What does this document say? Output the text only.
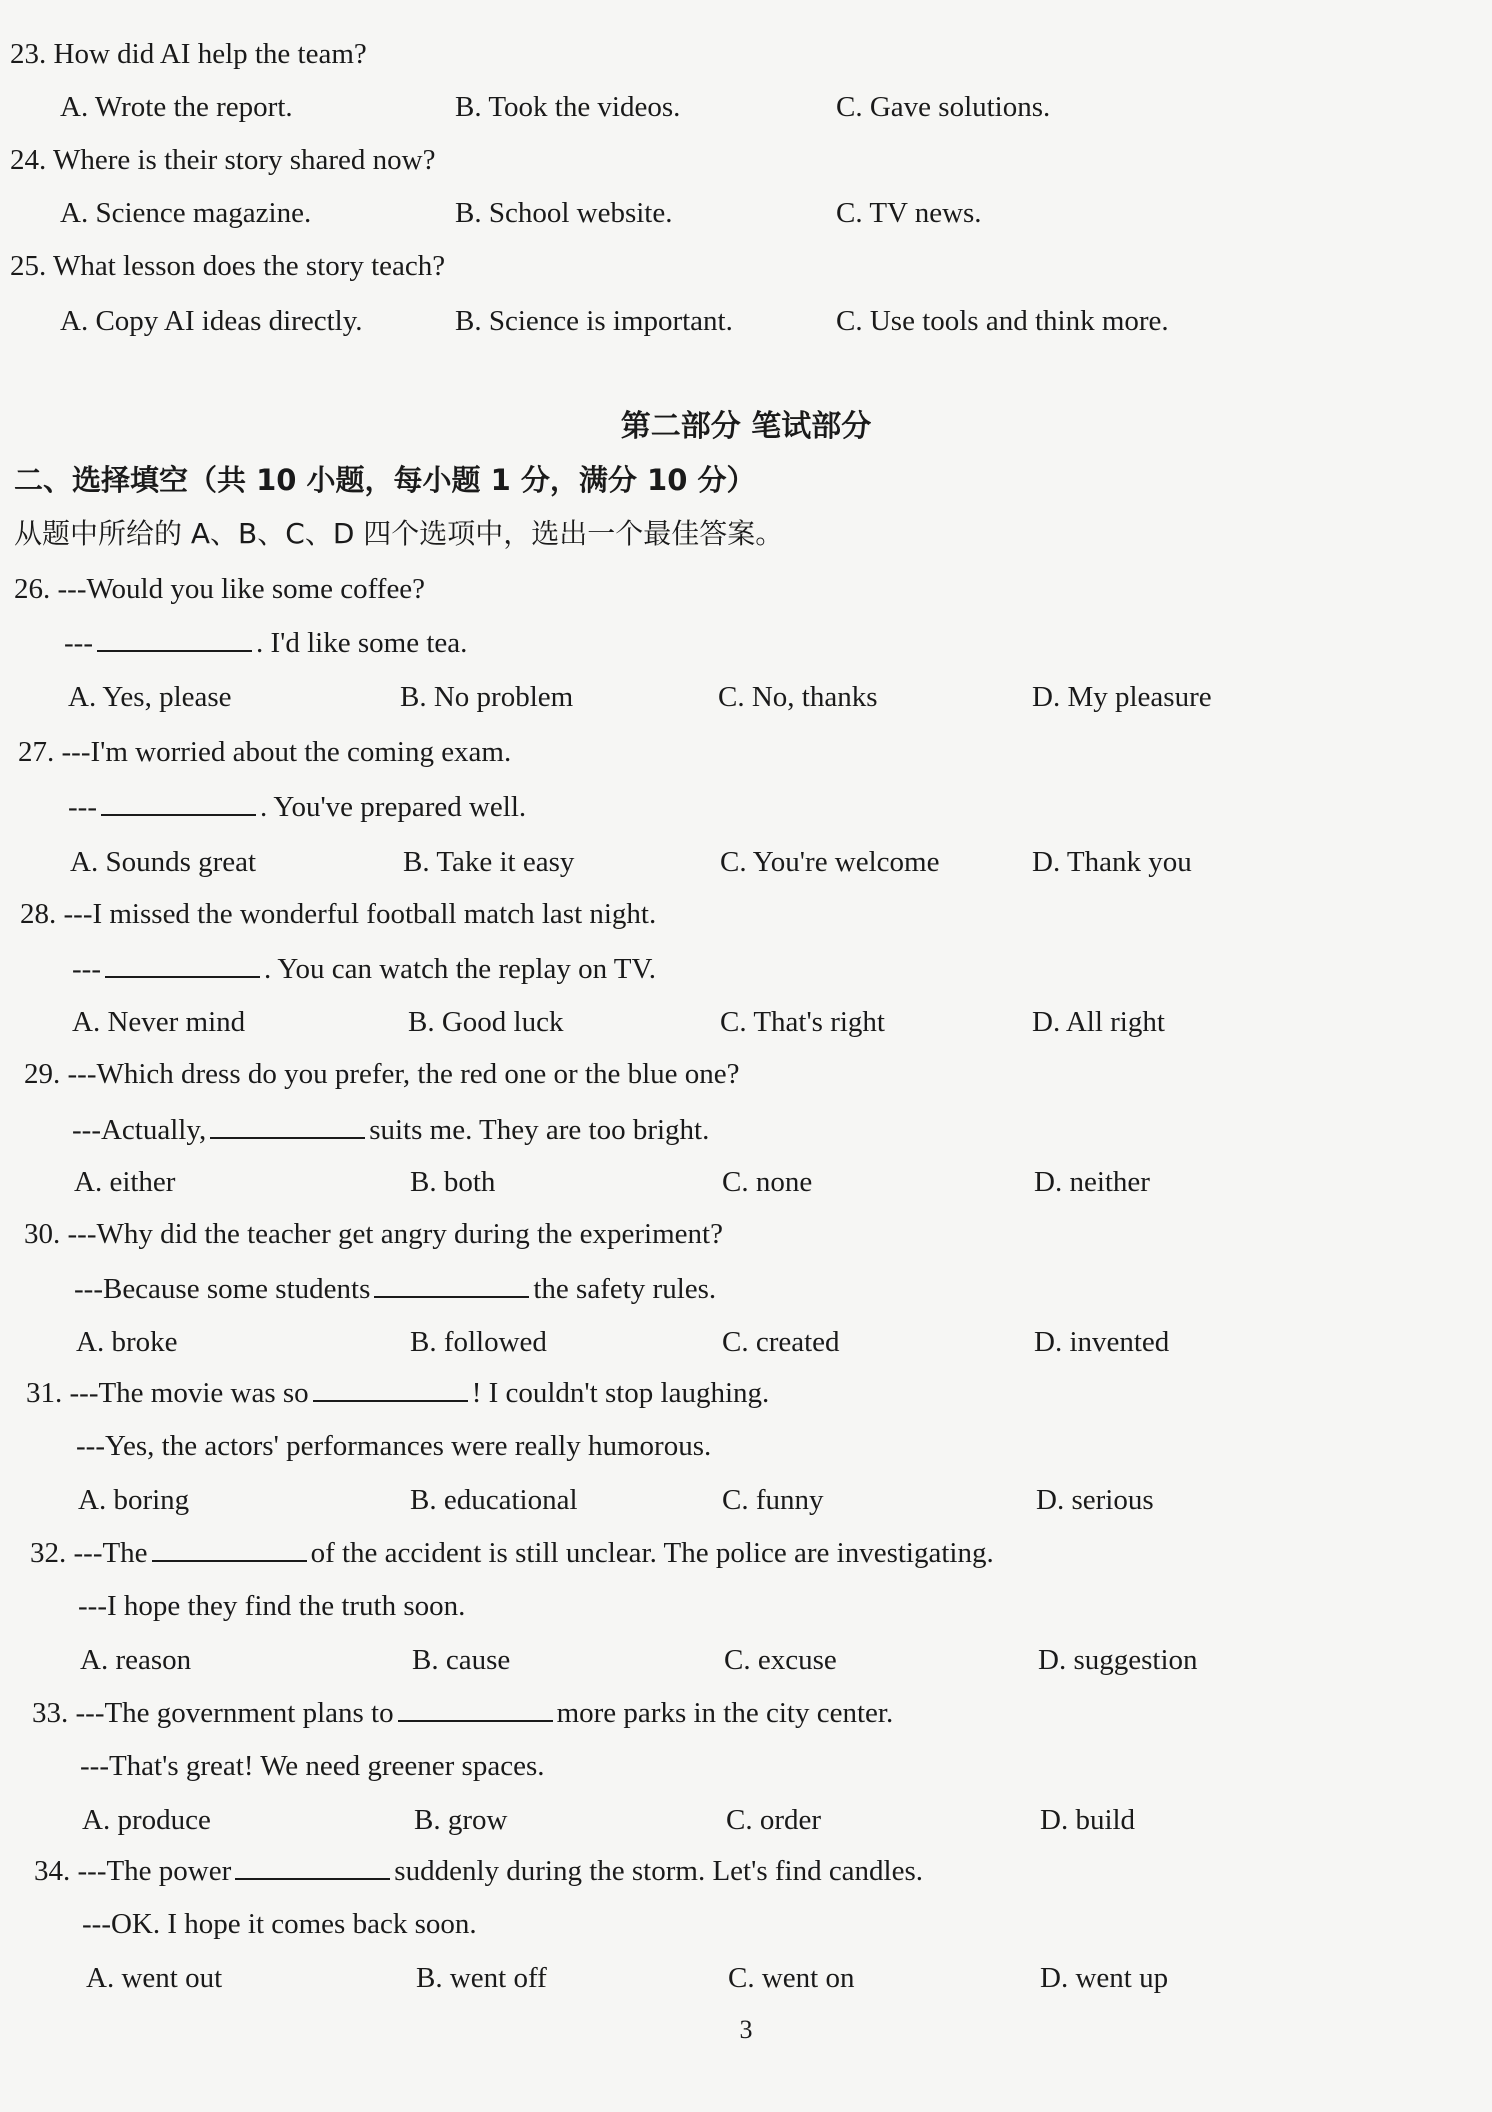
23. How did AI help the team?
A. Wrote the report.	B. Took the videos.	C. Gave solutions.
24. Where is their story shared now?
A. Science magazine.	B. School website.	C. TV news.
25. What lesson does the story teach?
A. Copy AI ideas directly.	B. Science is important.	C. Use tools and think more.
第二部分 笔试部分
二、选择填空（共 10 小题，每小题 1 分，满分 10 分）
从题中所给的 A、B、C、D 四个选项中，选出一个最佳答案。
26. ---Would you like some coffee?
---	. I'd like some tea.
A. Yes, please	B. No problem	C. No, thanks	D. My pleasure
27. ---I'm worried about the coming exam.
---	. You've prepared well.
A. Sounds great	B. Take it easy	C. You're welcome	D. Thank you
28. ---I missed the wonderful football match last night.
---	. You can watch the replay on TV.
A. Never mind	B. Good luck	C. That's right	D. All right
29. ---Which dress do you prefer, the red one or the blue one?
---Actually,	suits me. They are too bright.
A. either	B. both	C. none	D. neither
30. ---Why did the teacher get angry during the experiment?
---Because some students	the safety rules.
A. broke	B. followed	C. created	D. invented
31. ---The movie was so	! I couldn't stop laughing.
---Yes, the actors' performances were really humorous.
A. boring	B. educational	C. funny	D. serious
32. ---The	of the accident is still unclear. The police are investigating.
---I hope they find the truth soon.
A. reason	B. cause	C. excuse	D. suggestion
33. ---The government plans to	more parks in the city center.
---That's great! We need greener spaces.
A. produce	B. grow	C. order	D. build
34. ---The power	suddenly during the storm. Let's find candles.
---OK. I hope it comes back soon.
A. went out	B. went off	C. went on	D. went up
3
